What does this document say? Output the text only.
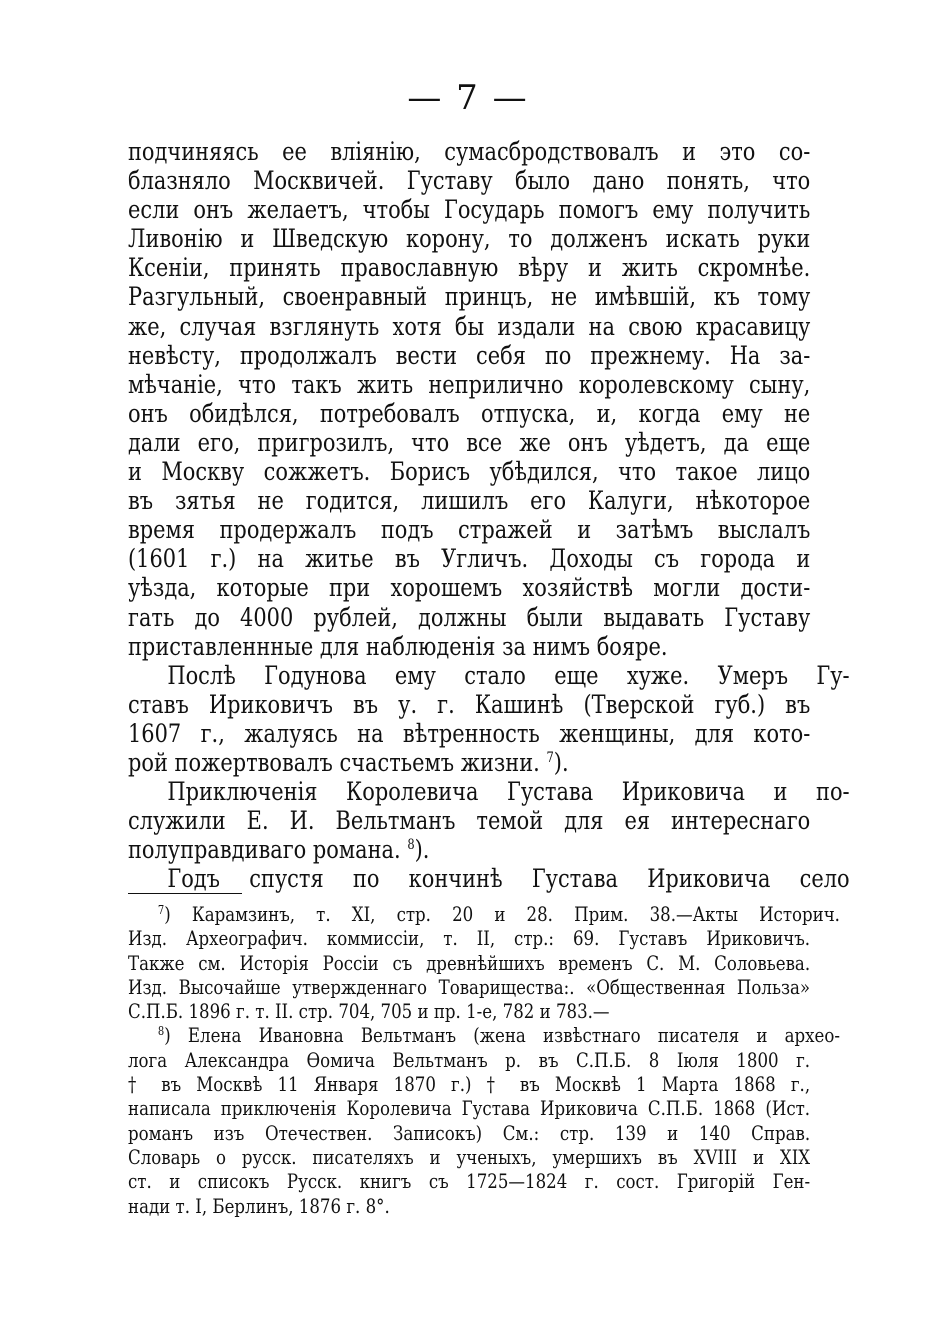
— 7 —
подчиняясь ее вліянію, сумасбродствовалъ и это со-
блазняло Москвичей. Густаву было дано понять, что
если онъ желаетъ, чтобы Государь помогъ ему получить
Ливонію и Шведскую корону, то долженъ искать руки
Ксеніи, принять православную вѣру и жить скромнѣе.
Разгульный, своенравный принцъ, не имѣвшій, къ тому
же, случая взглянуть хотя бы издали на свою красавицу
невѣсту, продолжалъ вести себя по прежнему. На за-
мѣчаніе, что такъ жить неприлично королевскому сыну,
онъ обидѣлся, потребовалъ отпуска, и, когда ему не
дали его, пригрозилъ, что все же онъ уѣдетъ, да еще
и Москву сожжетъ. Борисъ убѣдился, что такое лицо
въ зятья не годится, лишилъ его Калуги, нѣкоторое
время продержалъ подъ стражей и затѣмъ выслалъ
(1601 г.) на житье въ Угличъ. Доходы съ города и
уѣзда, которые при хорошемъ хозяйствѣ могли дости-
гать до 4000 рублей, должны были выдавать Густаву
приставленнные для наблюденія за нимъ бояре.
Послѣ Годунова ему стало еще хуже. Умеръ Гу-
ставъ Ириковичъ въ у. г. Кашинѣ (Тверской губ.) въ
1607 г., жалуясь на вѣтренность женщины, для кото-
рой пожертвовалъ счастьемъ жизни. $^7$).
Приключенія Королевича Густава Ириковича и по-
служили Е. И. Вельтманъ темой для ея интереснаго
полуправдиваго романа. $^8$).
Годъ спустя по кончинѣ Густава Ириковича село
$^7$) Карамзинъ, т. XI, стр. 20 и 28. Прим. 38.—Акты Историч.
Изд. Археографич. коммиссіи, т. II, стр.: 69. Густавъ Ириковичъ.
Также см. Исторія Россіи съ древнѣйшихъ временъ С. М. Соловьева.
Изд. Высочайше утвержденнаго Товарищества:. «Общественная Польза»
С.П.Б. 1896 г. т. II. стр. 704, 705 и пр. 1-е, 782 и 783.—
$^8$) Елена Ивановна Вельтманъ (жена извѣстнаго писателя и археo-
лога Александра Ѳомича Вельтманъ р. въ С.П.Б. 8 Іюля 1800 г.
† въ Москвѣ 11 Января 1870 г.) † въ Москвѣ 1 Марта 1868 г.,
написала приключенія Королевича Густава Ириковича С.П.Б. 1868 (Ист.
романъ изъ Отечествен. Записокъ) См.: стр. 139 и 140 Справ.
Словарь о русск. писателяхъ и ученыхъ, умершихъ въ XVIII и XIX
ст. и списокъ Русск. книгъ съ 1725—1824 г. сост. Григорій Ген-
нади т. I, Берлинъ, 1876 г. 8°.
